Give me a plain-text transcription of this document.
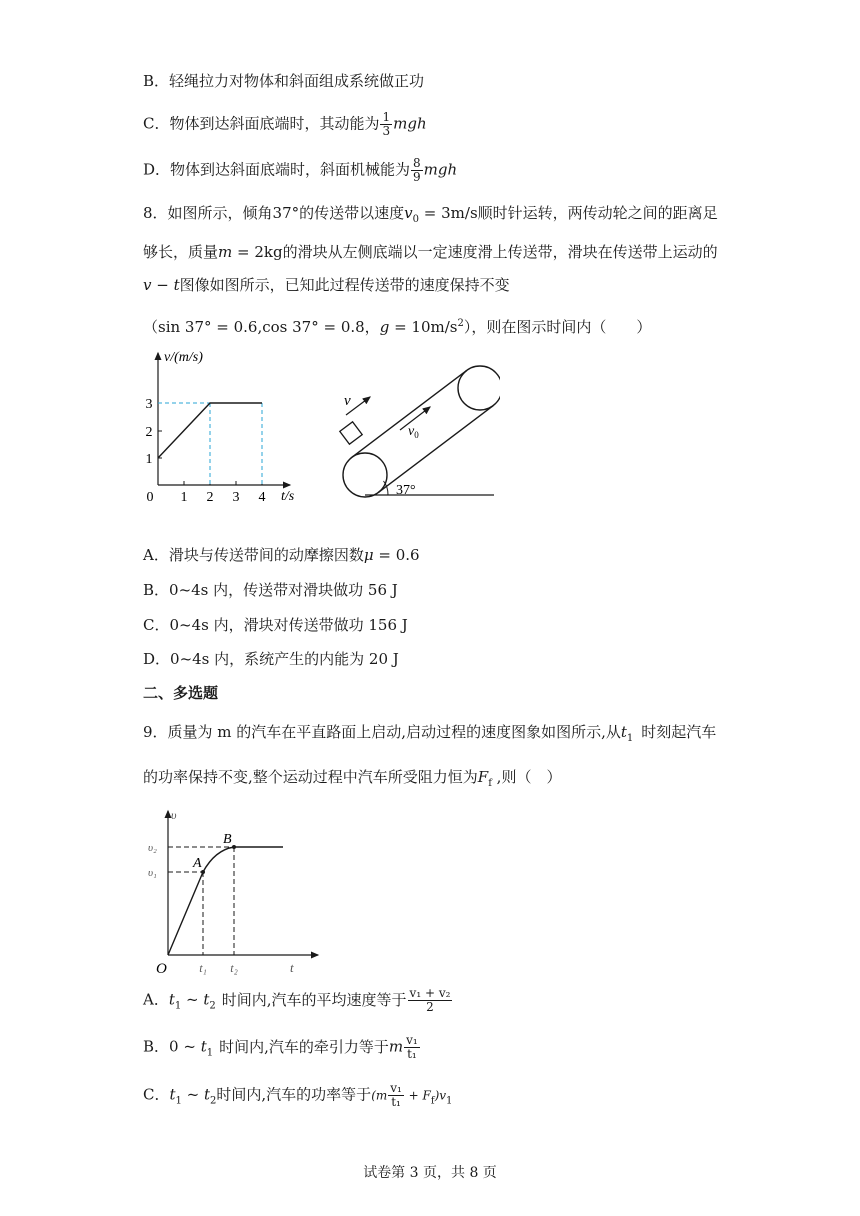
B．轻绳拉力对物体和斜面组成系统做正功
C．物体到达斜面底端时，其动能为 $\frac{1}{3}$ mgh
D．物体到达斜面底端时，斜面机械能为 $\frac{8}{9}$ mgh
8．如图所示，倾角37°的传送带以速度$v_0 = 3m/s$顺时针运转，两传动轮之间的距离足
够长，质量m = 2kg的滑块从左侧底端以一定速度滑上传送带，滑块在传送带上运动的
v − t图像如图所示，已知此过程传送带的速度保持不变
（sin 37° = 0.6,cos 37° = 0.8，$g = 10m/s^2$），则在图示时间内（　　）
v/(m/s)
t/s
0 1 2 3 4
1
2
3	v
$v_0$
37°
A．滑块与传送带间的动摩擦因数μ = 0.6
B．0~4s 内，传送带对滑块做功 56 J
C．0~4s 内，滑块对传送带做功 156 J
D．0~4s 内，系统产生的内能为 20 J
二、多选题
9．质量为 m 的汽车在平直路面上启动,启动过程的速度图象如图所示,从$t_1$ 时刻起汽车
的功率保持不变,整个运动过程中汽车所受阻力恒为$F_f$ ,则（　）
υ
t
O
A
B
υ₁
υ₂
t₁ t₂
A．$t_1$ ~ $t_2$ 时间内,汽车的平均速度等于 $\frac{\text{v₁ + v₂}}{2}$
B．0 ~ $t_1$ 时间内,汽车的牵引力等于m $\frac{\text{v₁}}{\text{t₁}}$
C．$t_1$ ~ $t_2$时间内,汽车的功率等于$(m \frac{\text{v₁}}{\text{t₁}} + F_f)v_1$
试卷第 3 页，共 8 页
